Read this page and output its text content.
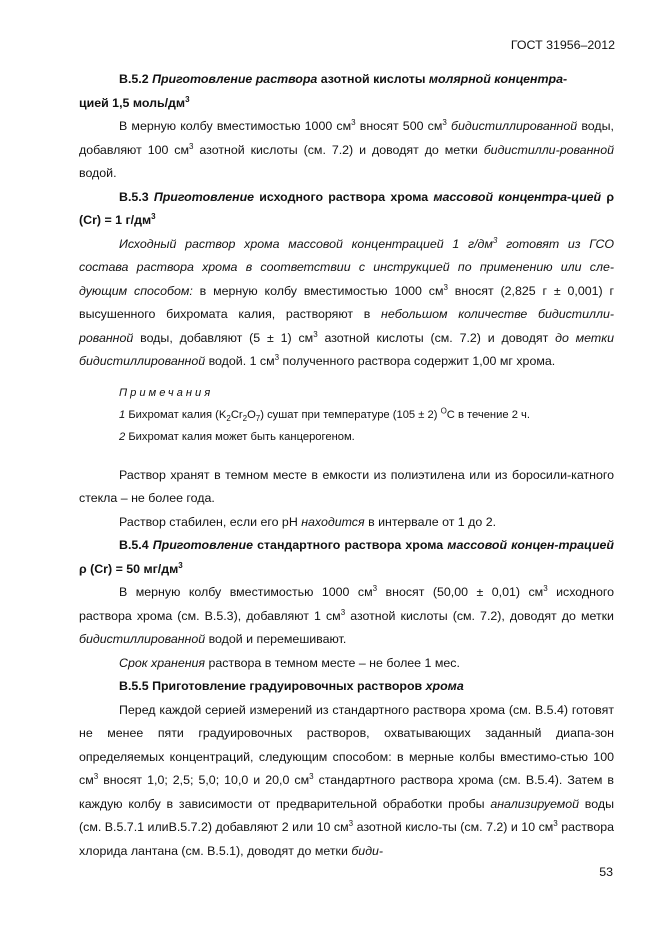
ГОСТ 31956–2012

В.5.2 Приготовление раствора азотной кислоты молярной концентра-
цией 1,5 моль/$дм^3$

В мерную колбу вместимостью 1000 $см^3$ вносят 500 $см^3$ бидистиллированной воды, добавляют 100 $см^3$ азотной кислоты (см. 7.2) и доводят до метки бидистилли-рованной водой.

В.5.3 Приготовление исходного раствора хрома массовой концентра-цией ρ (Cr) = 1 $г/дм^3$

Исходный раствор хрома массовой концентрацией 1 $г/дм^3$ готовят из ГСО состава раствора хрома в соответствии с инструкцией по применению или сле-дующим способом: в мерную колбу вместимостью 1000 $см^3$ вносят (2,825 г ± 0,001) г высушенного бихромата калия, растворяют в небольшом количестве бидистилли-рованной воды, добавляют (5 ± 1) $см^3$ азотной кислоты (см. 7.2) и доводят до метки бидистиллированной водой. 1 $см^3$ полученного раствора содержит 1,00 мг хрома.

Примечания

1 Бихромат калия $(K_2Cr_2O_7)$ сушат при температуре (105 ± 2) $^O$С в течение 2 ч.

2 Бихромат калия может быть канцерогеном.

Раствор хранят в темном месте в емкости из полиэтилена или из боросили-катного стекла – не более года.

Раствор стабилен, если его рН находится в интервале от 1 до 2.

В.5.4 Приготовление стандартного раствора хрома массовой концен-трацией ρ (Cr) = 50 $мг/дм^3$

В мерную колбу вместимостью 1000 $см^3$ вносят (50,00 ± 0,01) $см^3$ исходного раствора хрома (см. В.5.3), добавляют 1 $см^3$ азотной кислоты (см. 7.2), доводят до метки бидистиллированной водой и перемешивают.

Срок хранения раствора в темном месте – не более 1 мес.

В.5.5 Приготовление градуировочных растворов хрома

Перед каждой серией измерений из стандартного раствора хрома (см. В.5.4) готовят не менее пяти градуировочных растворов, охватывающих заданный диапа-зон определяемых концентраций, следующим способом: в мерные колбы вместимо-стью 100 $см^3$ вносят 1,0; 2,5; 5,0; 10,0 и 20,0 $см^3$ стандартного раствора хрома (см. В.5.4). Затем в каждую колбу в зависимости от предварительной обработки пробы анализируемой воды (см. В.5.7.1 илиВ.5.7.2) добавляют 2 или 10 $см^3$ азотной кисло-ты (см. 7.2) и 10 $см^3$ раствора хлорида лантана (см. В.5.1), доводят до метки биди-

53
